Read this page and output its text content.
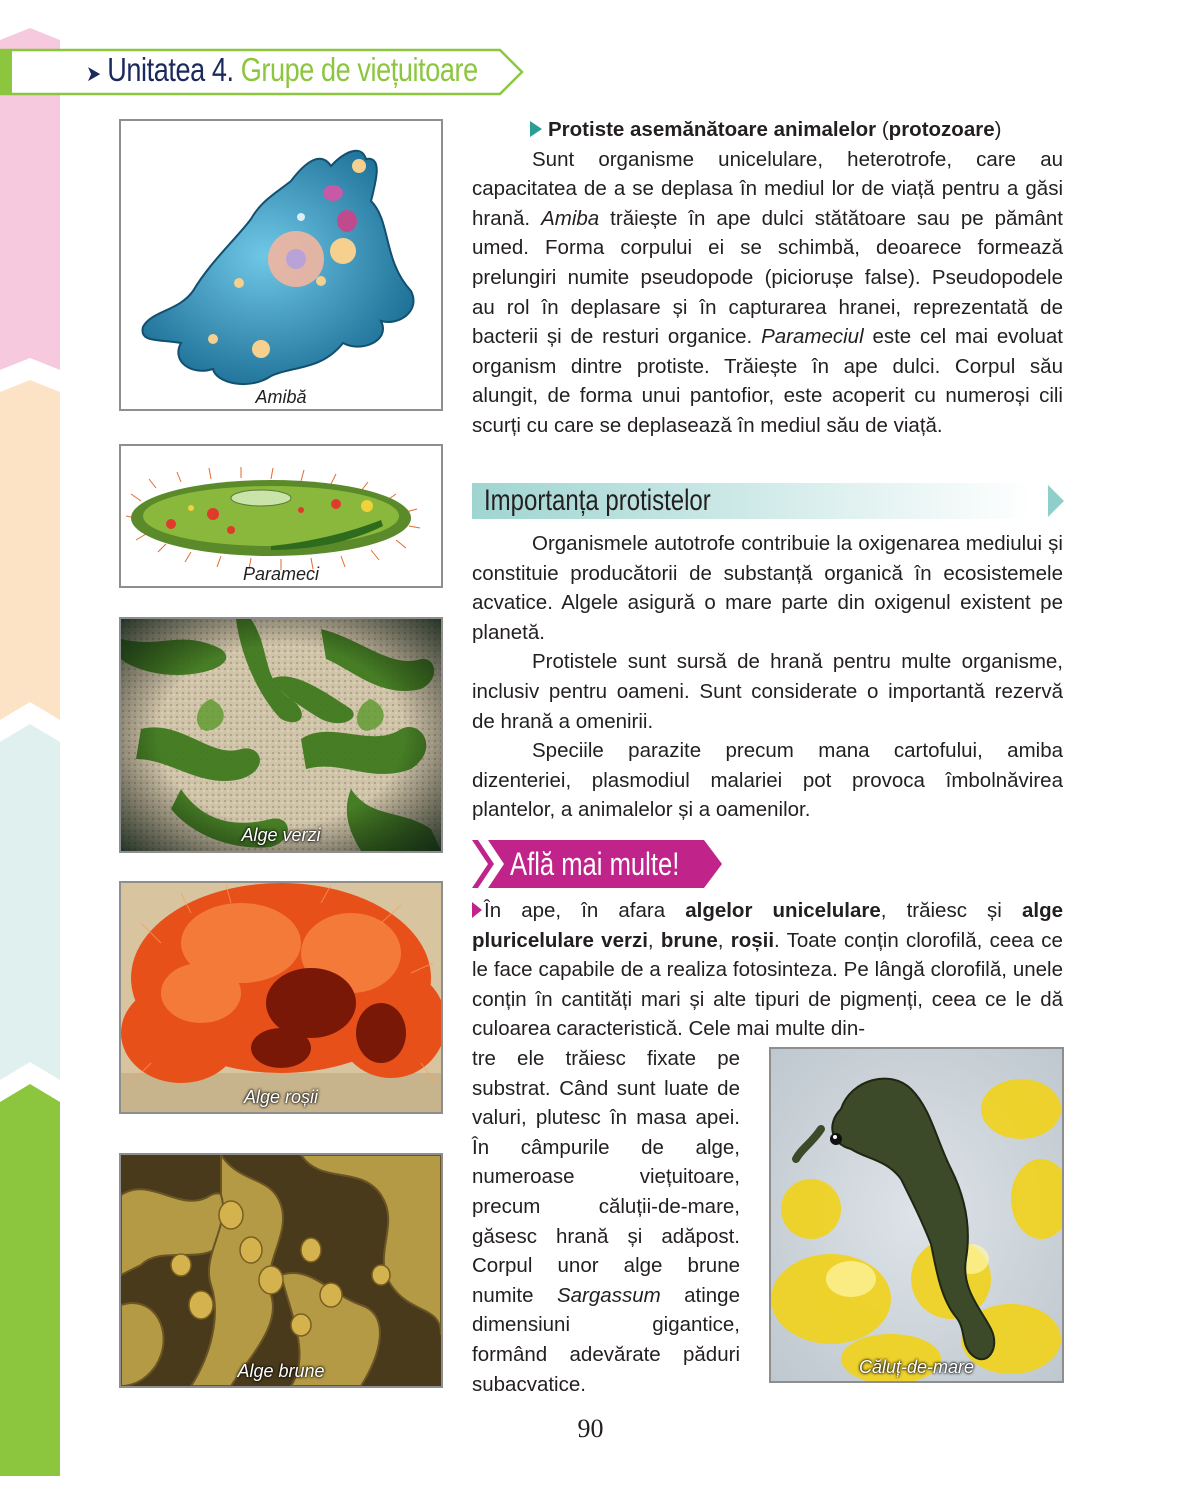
➤ Unitatea 4. Grupe de viețuitoare
Amibă
Parameci
Alge verzi
Alge roșii
Alge brune

Protiste asemănătoare animalelor (protozoare)

Sunt organisme unicelulare, heterotrofe, care au capacitatea de a se deplasa în mediul lor de viață pentru a găsi hrană. Amiba trăiește în ape dulci stătătoare sau pe pământ umed. Forma corpului ei se schimbă, deoarece formează prelungiri numite pseudopode (piciorușe false). Pseudopodele au rol în deplasare și în capturarea hranei, reprezentată de bacterii și de resturi organice. Parameciul este cel mai evoluat organism dintre protiste. Trăiește în ape dulci. Corpul său alungit, de forma unui pantofior, este acoperit cu numeroși cili scurți cu care se deplasează în mediul său de viață.

Importanța protistelor

Organismele autotrofe contribuie la oxigenarea mediului și constituie producătorii de substanță organică în ecosistemele acvatice. Algele asigură o mare parte din oxigenul existent pe planetă.

Protistele sunt sursă de hrană pentru multe organisme, inclusiv pentru oameni. Sunt considerate o importantă rezervă de hrană a omenirii.

Speciile parazite precum mana cartofului, amiba dizenteriei, plasmodiul malariei pot provoca îmbolnăvirea plantelor, a animalelor și a oamenilor.

Află mai multe!

În ape, în afara algelor unicelulare, trăiesc și alge pluricelulare verzi, brune, roșii. Toate conțin clorofilă, ceea ce le face capabile de a realiza fotosinteza. Pe lângă clorofilă, unele conțin în cantități mari și alte tipuri de pigmenți, ceea ce le dă culoarea caracteristică. Cele mai multe din-

tre ele trăiesc fixate pe substrat. Când sunt luate de valuri, plutesc în masa apei. În câmpurile de alge, numeroase viețuitoare, precum căluții-de-mare, găsesc hrană și adăpost. Corpul unor alge brune numite Sargassum atinge dimensiuni gigantice, formând adevărate păduri subacvatice.

Căluț-de-mare
90
